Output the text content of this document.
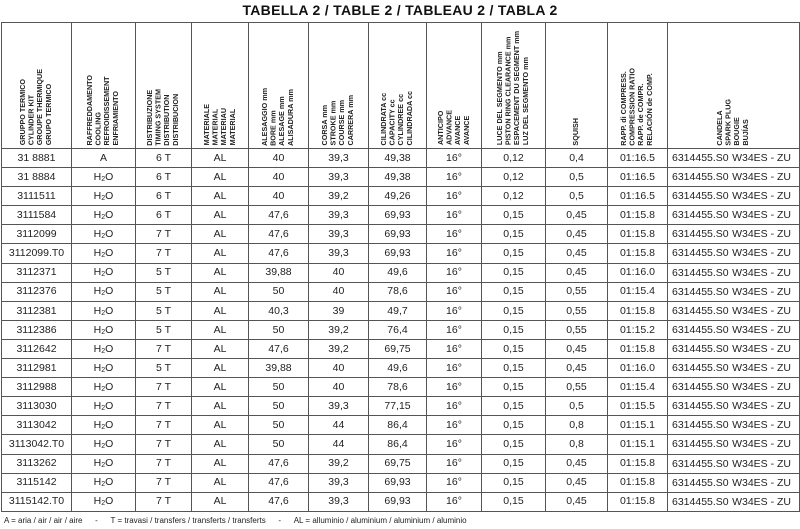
TABELLA 2 / TABLE 2 / TABLEAU 2 / TABLA 2
GRUPPO TERMICO CYLINDER KIT GROUPE THERMIQUE GRUPO TERMICO	RAFFREDDAMENTO COOLING REFROIDISSEMENT ENFRIAMIENTO	DISTRIBUZIONE TIMING SYSTEM DISTRIBUTION DISTRIBUCION	MATERIALE MATERIAL MATERIAU MATERIAL	ALESAGGIO mm BORE mm ALESAGE mm ALISADURA mm	CORSA mm STROKE mm COURSE mm CARRERA mm	CILINDRATA cc CAPACITY cc CYLINDREE cc CILINDRADA cc	ANTICIPO ADVANCE AVANCE AVANCE	LUCE DEL SEGMENTO mm PISTON RING CLEARANCE mm ESPACEMENT DU SEGMENT mm LUZ DEL SEGMENTO mm	SQUISH	RAPP. di COMPRESS. COMPRESSION RATIO RAPP. de COMPR. RELACIÓN de COMP.	CANDELA SPARK PLUG BOUGIE BUJÍAS

31 8881	A	6 T	AL	40	39,3	49,38	16°	0,12	0,4	01:16.5	6314455.S0 W34ES - ZU

31 8884	$H_2O$	6 T	AL	40	39,3	49,38	16°	0,12	0,5	01:16.5	6314455.S0 W34ES - ZU

3111511	$H_2O$	6 T	AL	40	39,2	49,26	16°	0,12	0,5	01:16.5	6314455.S0 W34ES - ZU

3111584	$H_2O$	6 T	AL	47,6	39,3	69,93	16°	0,15	0,45	01:15.8	6314455.S0 W34ES - ZU

3112099	$H_2O$	7 T	AL	47,6	39,3	69,93	16°	0,15	0,45	01:15.8	6314455.S0 W34ES - ZU

3112099.T0	$H_2O$	7 T	AL	47,6	39,3	69,93	16°	0,15	0,45	01:15.8	6314455.S0 W34ES - ZU

3112371	$H_2O$	5 T	AL	39,88	40	49,6	16°	0,15	0,45	01:16.0	6314455.S0 W34ES - ZU

3112376	$H_2O$	5 T	AL	50	40	78,6	16°	0,15	0,55	01:15.4	6314455.S0 W34ES - ZU

3112381	$H_2O$	5 T	AL	40,3	39	49,7	16°	0,15	0,55	01:15.8	6314455.S0 W34ES - ZU

3112386	$H_2O$	5 T	AL	50	39,2	76,4	16°	0,15	0,55	01:15.2	6314455.S0 W34ES - ZU

3112642	$H_2O$	7 T	AL	47,6	39,2	69,75	16°	0,15	0,45	01:15.8	6314455.S0 W34ES - ZU

3112981	$H_2O$	5 T	AL	39,88	40	49,6	16°	0,15	0,45	01:16.0	6314455.S0 W34ES - ZU

3112988	$H_2O$	7 T	AL	50	40	78,6	16°	0,15	0,55	01:15.4	6314455.S0 W34ES - ZU

3113030	$H_2O$	7 T	AL	50	39,3	77,15	16°	0,15	0,5	01:15.5	6314455.S0 W34ES - ZU

3113042	$H_2O$	7 T	AL	50	44	86,4	16°	0,15	0,8	01:15.1	6314455.S0 W34ES - ZU

3113042.T0	$H_2O$	7 T	AL	50	44	86,4	16°	0,15	0,8	01:15.1	6314455.S0 W34ES - ZU

3113262	$H_2O$	7 T	AL	47,6	39,2	69,75	16°	0,15	0,45	01:15.8	6314455.S0 W34ES - ZU

3115142	$H_2O$	7 T	AL	47,6	39,3	69,93	16°	0,15	0,45	01:15.8	6314455.S0 W34ES - ZU

3115142.T0	$H_2O$	7 T	AL	47,6	39,3	69,93	16°	0,15	0,45	01:15.8	6314455.S0 W34ES - ZU
A = aria / air / air / aire - T = travasi / transfers / transferts / transferts - AL = alluminio / aluminium / aluminium / aluminio
